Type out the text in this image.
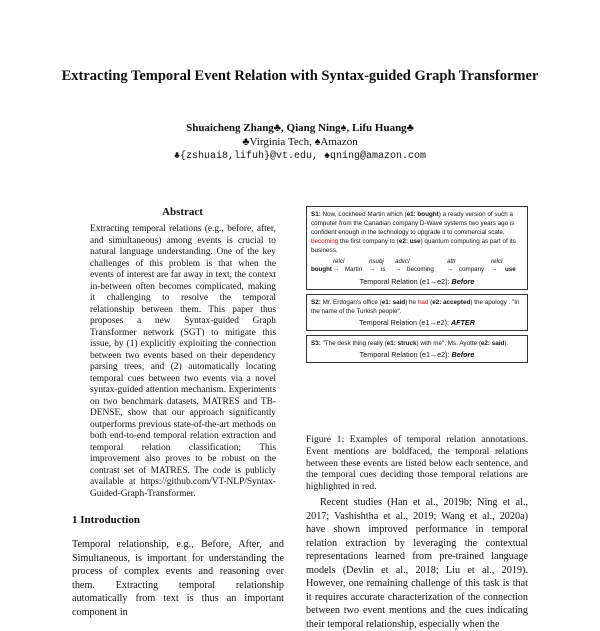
Extracting Temporal Event Relation with Syntax-guided Graph Transformer
Shuaicheng Zhang♣, Qiang Ning♠, Lifu Huang♣
♣Virginia Tech, ♠Amazon
♣{zshuai8,lifuh}@vt.edu, ♠qning@amazon.com
Abstract

Extracting temporal relations (e.g., before, after, and simultaneous) among events is crucial to natural language understanding. One of the key challenges of this problem is that when the events of interest are far away in text, the context in-between often becomes complicated, making it challenging to resolve the temporal relationship between them. This paper thus proposes a new Syntax-guided Graph Transformer network (SGT) to mitigate this issue, by (1) explicitly exploiting the connection between two events based on their dependency parsing trees, and (2) automatically locating temporal cues between two events via a novel syntax-guided attention mechanism. Experiments on two benchmark datasets, MATRES and TB-DENSE, show that our approach significantly outperforms previous state-of-the-art methods on both end-to-end temporal relation extraction and temporal relation classification; This improvement also proves to be robust on the contrast set of MATRES. The code is publicly available at https://github.com/VT-NLP/Syntax-Guided-Graph-Transformer.

1 Introduction
Temporal relationship, e.g., Before, After, and Simultaneous, is important for understanding the process of complex events and reasoning over them. Extracting temporal relationship automatically from text is thus an important component in
S1: Now, Lockheed Martin which (e1: bought) a ready version of such a computer from the Canadian company D-Wave systems two years ago is confident enough in the technology to upgrade it to commercial scale, becoming the first company to (e2: use) quantum computing as part of its business.
bought
relcl
→ Martin
nsubj
→ is
advcl
→ becoming
attr
→ company
relcl
→ use
Temporal Relation (e1→e2): Before
S2: Mr. Erdogan's office (e1: said) he had (e2: accepted) the apology . "In the name of the Turkish people".
Temporal Relation (e1→e2): AFTER
S3: "The desk thing really (e1: struck) with me", Ms. Ayotte (e2: said).
Temporal Relation (e1→e2): Before
Figure 1: Examples of temporal relation annotations. Event mentions are boldfaced, the temporal relations between these events are listed below each sentence, and the temporal cues deciding those temporal relations are highlighted in red.
Recent studies (Han et al., 2019b; Ning et al., 2017; Vashishtha et al., 2019; Wang et al., 2020a) have shown improved performance in temporal relation extraction by leveraging the contextual representations learned from pre-trained language models (Devlin et al., 2018; Liu et al., 2019). However, one remaining challenge of this task is that it requires accurate characterization of the connection between two event mentions and the cues indicating their temporal relationship, especially when the
